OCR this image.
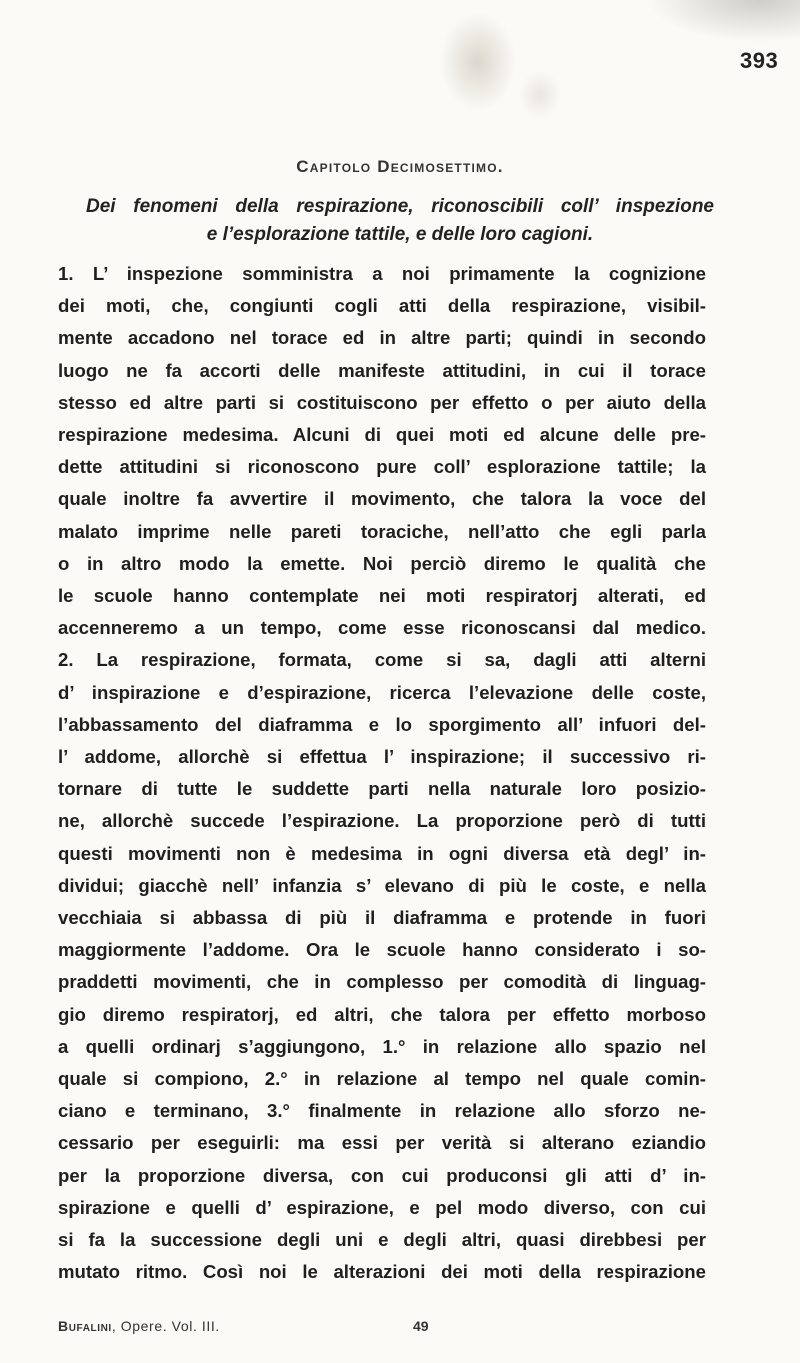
393
Capitolo Decimosettimo.
Dei fenomeni della respirazione, riconoscibili coll’ inspezione
e l’esplorazione tattile, e delle loro cagioni.
1. L’ inspezione somministra a noi primamente la cognizione
dei moti, che, congiunti cogli atti della respirazione, visibil-
mente accadono nel torace ed in altre parti; quindi in secondo
luogo ne fa accorti delle manifeste attitudini, in cui il torace
stesso ed altre parti si costituiscono per effetto o per aiuto della
respirazione medesima. Alcuni di quei moti ed alcune delle pre-
dette attitudini si riconoscono pure coll’ esplorazione tattile; la
quale inoltre fa avvertire il movimento, che talora la voce del
malato imprime nelle pareti toraciche, nell’atto che egli parla
o in altro modo la emette. Noi perciò diremo le qualità che
le scuole hanno contemplate nei moti respiratorj alterati, ed
accenneremo a un tempo, come esse riconoscansi dal medico.
2. La respirazione, formata, come si sa, dagli atti alterni
d’ inspirazione e d’espirazione, ricerca l’elevazione delle coste,
l’abbassamento del diaframma e lo sporgimento all’ infuori del-
l’ addome, allorchè si effettua l’ inspirazione; il successivo ri-
tornare di tutte le suddette parti nella naturale loro posizio-
ne, allorchè succede l’espirazione. La proporzione però di tutti
questi movimenti non è medesima in ogni diversa età degl’ in-
dividui; giacchè nell’ infanzia s’ elevano di più le coste, e nella
vecchiaia si abbassa di più il diaframma e protende in fuori
maggiormente l’addome. Ora le scuole hanno considerato i so-
praddetti movimenti, che in complesso per comodità di linguag-
gio diremo respiratorj, ed altri, che talora per effetto morboso
a quelli ordinarj s’aggiungono, 1.° in relazione allo spazio nel
quale si compiono, 2.° in relazione al tempo nel quale comin-
ciano e terminano, 3.° finalmente in relazione allo sforzo ne-
cessario per eseguirli: ma essi per verità si alterano eziandio
per la proporzione diversa, con cui produconsi gli atti d’ in-
spirazione e quelli d’ espirazione, e pel modo diverso, con cui
si fa la successione degli uni e degli altri, quasi direbbesi per
mutato ritmo. Così noi le alterazioni dei moti della respirazione
Bufalini, Opere. Vol. III.	49
